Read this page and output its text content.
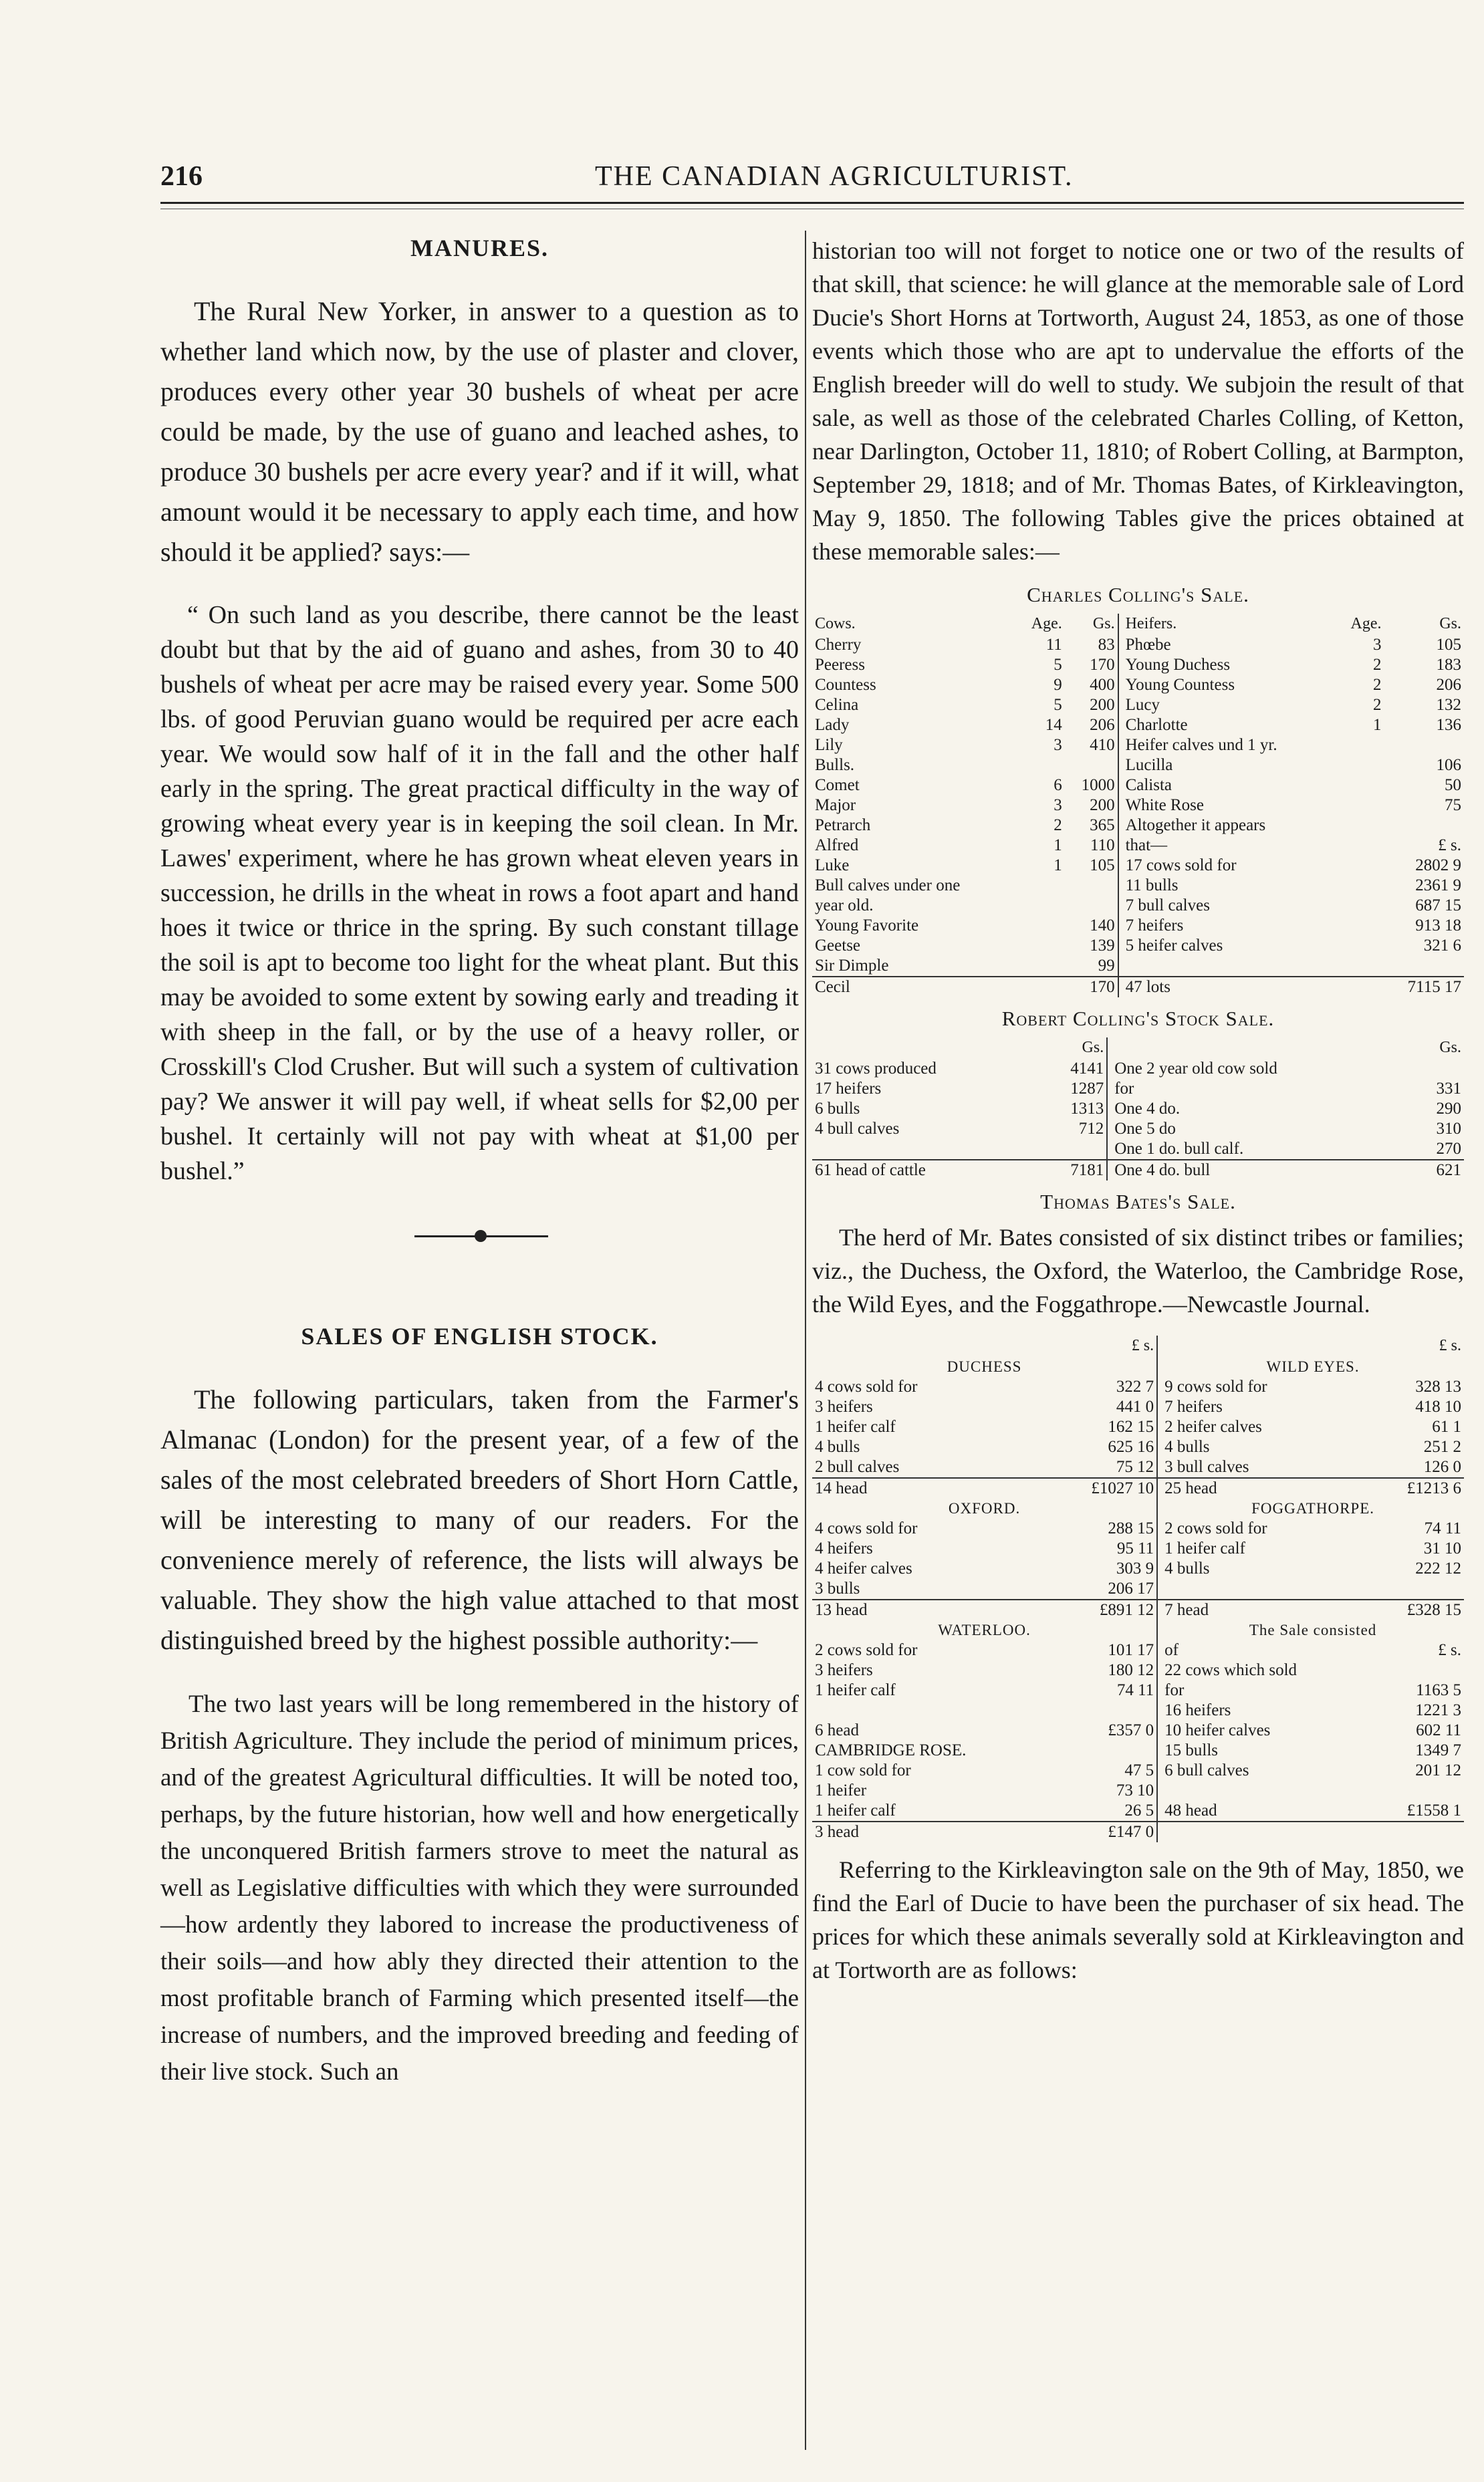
216	THE CANADIAN AGRICULTURIST.
MANURES.

The Rural New Yorker, in answer to a question as to whether land which now, by the use of plaster and clover, produces every other year 30 bushels of wheat per acre could be made, by the use of guano and leached ashes, to produce 30 bushels per acre every year? and if it will, what amount would it be necessary to apply each time, and how should it be applied? says:—

“ On such land as you describe, there cannot be the least doubt but that by the aid of guano and ashes, from 30 to 40 bushels of wheat per acre may be raised every year. Some 500 lbs. of good Peruvian guano would be required per acre each year. We would sow half of it in the fall and the other half early in the spring. The great practical difficulty in the way of growing wheat every year is in keeping the soil clean. In Mr. Lawes' experiment, where he has grown wheat eleven years in succession, he drills in the wheat in rows a foot apart and hand hoes it twice or thrice in the spring. By such constant tillage the soil is apt to become too light for the wheat plant. But this may be avoided to some extent by sowing early and treading it with sheep in the fall, or by the use of a heavy roller, or Crosskill's Clod Crusher. But will such a system of cultivation pay? We answer it will pay well, if wheat sells for $2,00 per bushel. It certainly will not pay with wheat at $1,00 per bushel.”

SALES OF ENGLISH STOCK.

The following particulars, taken from the Farmer's Almanac (London) for the present year, of a few of the sales of the most celebrated breeders of Short Horn Cattle, will be interesting to many of our readers. For the convenience merely of reference, the lists will always be valuable. They show the high value attached to that most distinguished breed by the highest possible authority:—

The two last years will be long remembered in the history of British Agriculture. They include the period of minimum prices, and of the greatest Agricultural difficulties. It will be noted too, perhaps, by the future historian, how well and how energetically the unconquered British farmers strove to meet the natural as well as Legislative difficulties with which they were surrounded—how ardently they labored to increase the productiveness of their soils—and how ably they directed their attention to the most profitable branch of Farming which presented itself—the increase of numbers, and the improved breeding and feeding of their live stock. Such an

historian too will not forget to notice one or two of the results of that skill, that science: he will glance at the memorable sale of Lord Ducie's Short Horns at Tortworth, August 24, 1853, as one of those events which those who are apt to undervalue the efforts of the English breeder will do well to study. We subjoin the result of that sale, as well as those of the celebrated Charles Colling, of Ketton, near Darlington, October 11, 1810; of Robert Colling, at Barmpton, September 29, 1818; and of Mr. Thomas Bates, of Kirkleavington, May 9, 1850. The following Tables give the prices obtained at these memorable sales:—

Charles Colling's Sale.
Cows.	Age.	Gs.		Heifers.	Age.	Gs.
Cherry	11	83		Phœbe	3	105
Peeress	5	170		Young Duchess	2	183
Countess	9	400		Young Countess	2	206
Celina	5	200		Lucy	2	132
Lady	14	206		Charlotte	1	136
Lily	3	410		Heifer calves und 1 yr.		
Bulls.				Lucilla		106
Comet	6	1000		Calista		50
Major	3	200		White Rose		75
Petrarch	2	365		Altogether it appears		
Alfred	1	110		that—		£ s.
Luke	1	105		17 cows sold for		2802 9
Bull calves under one				11 bulls		2361 9
year old.				7 bull calves		687 15
Young Favorite		140		7 heifers		913 18
Geetse		139		5 heifer calves		321 6
Sir Dimple		99				
Cecil		170		47 lots		7115 17
Robert Colling's Stock Sale.
	Gs.			Gs.
31 cows produced	4141		One 2 year old cow sold	
17 heifers	1287		for	331
6 bulls	1313		One 4 do.	290
4 bull calves	712		One 5 do	310
			One 1 do. bull calf.	270
61 head of cattle	7181		One 4 do. bull	621
Thomas Bates's Sale.

The herd of Mr. Bates consisted of six distinct tribes or families; viz., the Duchess, the Oxford, the Waterloo, the Cambridge Rose, the Wild Eyes, and the Foggathrope.—Newcastle Journal.

	£ s.			£ s.
DUCHESS			WILD EYES.	
4 cows sold for	322 7		9 cows sold for	328 13
3 heifers	441 0		7 heifers	418 10
1 heifer calf	162 15		2 heifer calves	61 1
4 bulls	625 16		4 bulls	251 2
2 bull calves	75 12		3 bull calves	126 0
14 head	£1027 10		25 head	£1213 6
OXFORD.			FOGGATHORPE.	
4 cows sold for	288 15		2 cows sold for	74 11
4 heifers	95 11		1 heifer calf	31 10
4 heifer calves	303 9		4 bulls	222 12
3 bulls	206 17			
13 head	£891 12		7 head	£328 15
WATERLOO.			The Sale consisted	
2 cows sold for	101 17		of	£ s.
3 heifers	180 12		22 cows which sold	
1 heifer calf	74 11		for	1163 5
			16 heifers	1221 3
6 head	£357 0		10 heifer calves	602 11
CAMBRIDGE ROSE.			15 bulls	1349 7
1 cow sold for	47 5		6 bull calves	201 12
1 heifer	73 10			
1 heifer calf	26 5		48 head	£1558 1
3 head	£147 0			

Referring to the Kirkleavington sale on the 9th of May, 1850, we find the Earl of Ducie to have been the purchaser of six head. The prices for which these animals severally sold at Kirkleavington and at Tortworth are as follows:
